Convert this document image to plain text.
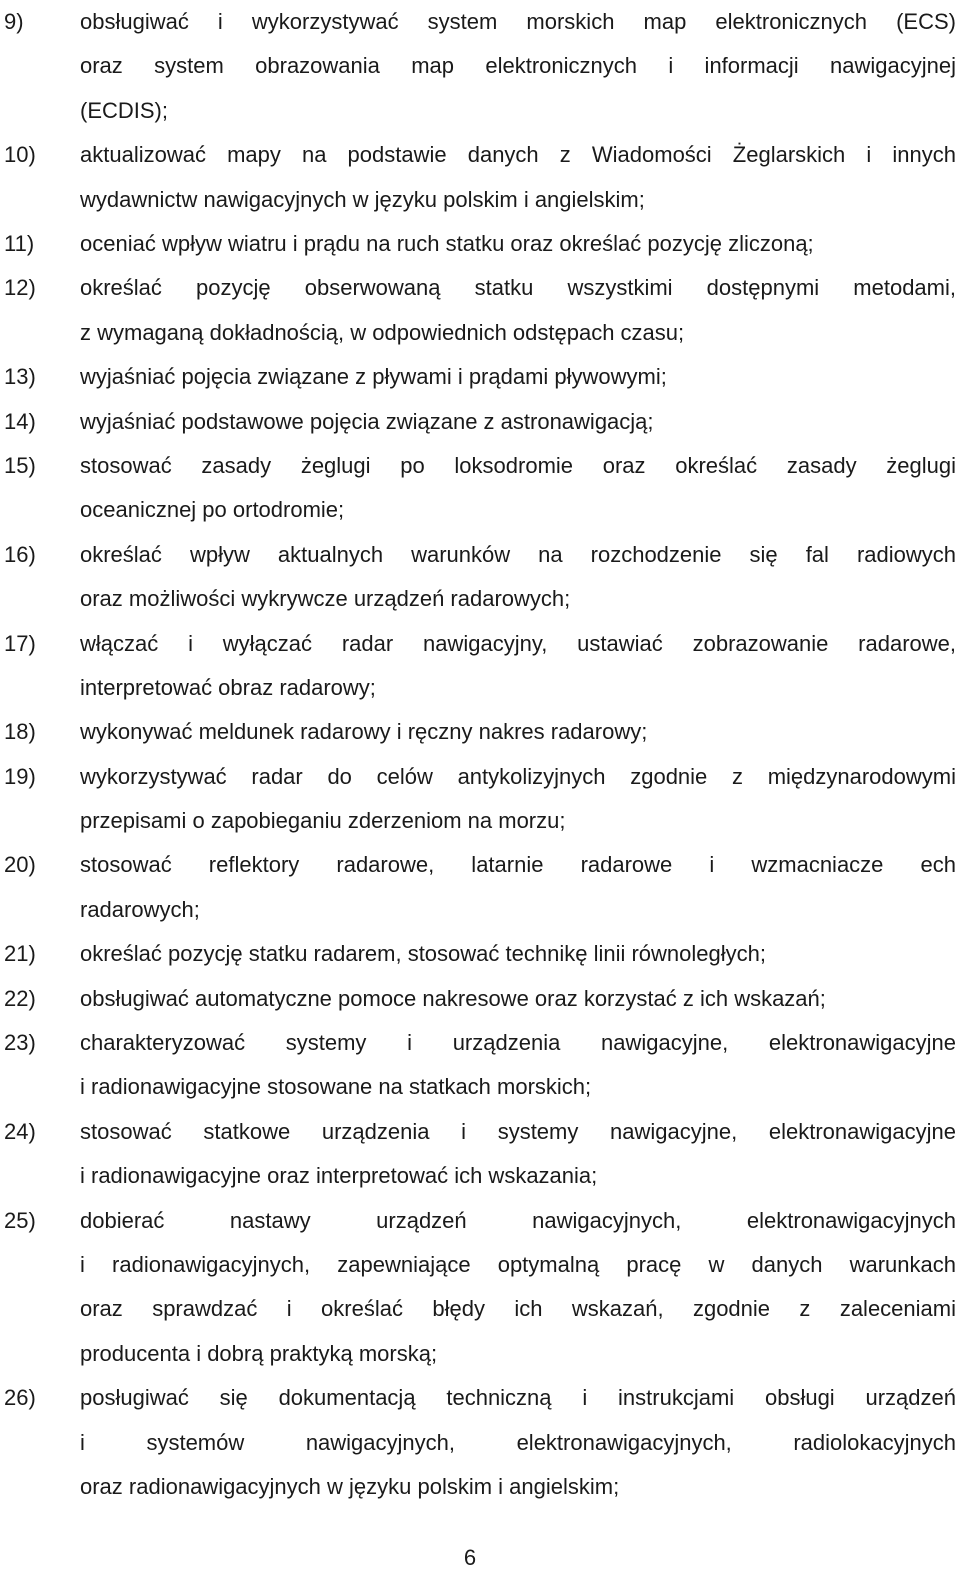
9)	obsługiwać i wykorzystywać system morskich map elektronicznych (ECS)
oraz system obrazowania map elektronicznych i informacji nawigacyjnej
(ECDIS);
10)	aktualizować mapy na podstawie danych z Wiadomości Żeglarskich i innych
wydawnictw nawigacyjnych w języku polskim i angielskim;
11)	oceniać wpływ wiatru i prądu na ruch statku oraz określać pozycję zliczoną;
12)	określać pozycję obserwowaną statku wszystkimi dostępnymi metodami,
z wymaganą dokładnością, w odpowiednich odstępach czasu;
13)	wyjaśniać pojęcia związane z pływami i prądami pływowymi;
14)	wyjaśniać podstawowe pojęcia związane z astronawigacją;
15)	stosować zasady żeglugi po loksodromie oraz określać zasady żeglugi
oceanicznej po ortodromie;
16)	określać wpływ aktualnych warunków na rozchodzenie się fal radiowych
oraz możliwości wykrywcze urządzeń radarowych;
17)	włączać i wyłączać radar nawigacyjny, ustawiać zobrazowanie radarowe,
interpretować obraz radarowy;
18)	wykonywać meldunek radarowy i ręczny nakres radarowy;
19)	wykorzystywać radar do celów antykolizyjnych zgodnie z międzynarodowymi
przepisami o zapobieganiu zderzeniom na morzu;
20)	stosować reflektory radarowe, latarnie radarowe i wzmacniacze ech
radarowych;
21)	określać pozycję statku radarem, stosować technikę linii równoległych;
22)	obsługiwać automatyczne pomoce nakresowe oraz korzystać z ich wskazań;
23)	charakteryzować systemy i urządzenia nawigacyjne, elektronawigacyjne
i radionawigacyjne stosowane na statkach morskich;
24)	stosować statkowe urządzenia i systemy nawigacyjne, elektronawigacyjne
i radionawigacyjne oraz interpretować ich wskazania;
25)	dobierać nastawy urządzeń nawigacyjnych, elektronawigacyjnych
i radionawigacyjnych, zapewniające optymalną pracę w danych warunkach
oraz sprawdzać i określać błędy ich wskazań, zgodnie z zaleceniami
producenta i dobrą praktyką morską;
26)	posługiwać się dokumentacją techniczną i instrukcjami obsługi urządzeń
i systemów nawigacyjnych, elektronawigacyjnych, radiolokacyjnych
oraz radionawigacyjnych w języku polskim i angielskim;
6
